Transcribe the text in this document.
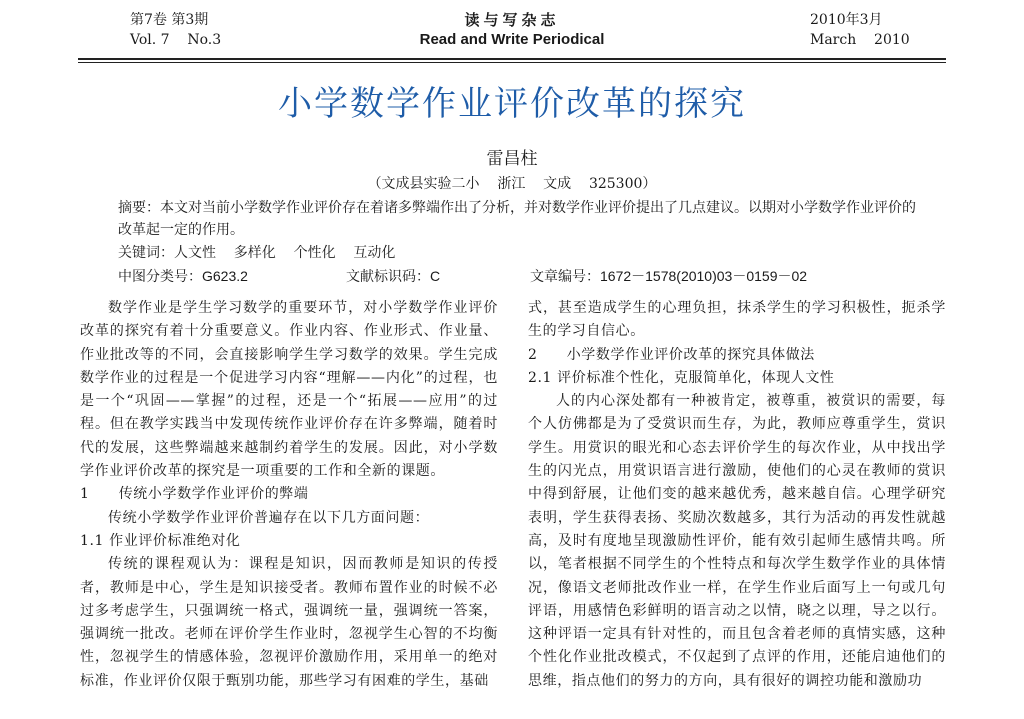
第7卷 第3期
Vol. 7    No.3
读与写杂志
Read and Write Periodical
2010年3月
March    2010
小学数学作业评价改革的探究
雷昌柱
（文成县实验二小    浙江    文成    325300）
摘要：本文对当前小学数学作业评价存在着诸多弊端作出了分析，并对数学作业评价提出了几点建议。以期对小学数学作业评价的改革起一定的作用。
关键词：人文性    多样化    个性化    互动化
中图分类号：G623.2	文献标识码：C	文章编号：1672－1578(2010)03－0159－02

数学作业是学生学习数学的重要环节，对小学数学作业评价改革的探究有着十分重要意义。作业内容、作业形式、作业量、作业批改等的不同，会直接影响学生学习数学的效果。学生完成数学作业的过程是一个促进学习内容“理解——内化”的过程，也是一个“巩固——掌握”的过程，还是一个“拓展——应用”的过程。但在教学实践当中发现传统作业评价存在许多弊端，随着时代的发展，这些弊端越来越制约着学生的发展。因此，对小学数学作业评价改革的探究是一项重要的工作和全新的课题。

1　　传统小学数学作业评价的弊端

传统小学数学作业评价普遍存在以下几方面问题：

1.1 作业评价标准绝对化

传统的课程观认为：课程是知识，因而教师是知识的传授者，教师是中心，学生是知识接受者。教师布置作业的时候不必过多考虑学生，只强调统一格式，强调统一量，强调统一答案，强调统一批改。老师在评价学生作业时，忽视学生心智的不均衡性，忽视学生的情感体验，忽视评价激励作用，采用单一的绝对标准，作业评价仅限于甄别功能，那些学习有困难的学生，基础

式，甚至造成学生的心理负担，抹杀学生的学习积极性，扼杀学生的学习自信心。

2　　小学数学作业评价改革的探究具体做法

2.1 评价标准个性化，克服简单化，体现人文性

人的内心深处都有一种被肯定，被尊重，被赏识的需要，每个人仿佛都是为了受赏识而生存，为此，教师应尊重学生，赏识学生。用赏识的眼光和心态去评价学生的每次作业，从中找出学生的闪光点，用赏识语言进行激励，使他们的心灵在教师的赏识中得到舒展，让他们变的越来越优秀，越来越自信。心理学研究表明，学生获得表扬、奖励次数越多，其行为活动的再发性就越高，及时有度地呈现激励性评价，能有效引起师生感情共鸣。所以，笔者根据不同学生的个性特点和每次学生数学作业的具体情况，像语文老师批改作业一样，在学生作业后面写上一句或几句评语，用感情色彩鲜明的语言动之以情，晓之以理，导之以行。这种评语一定具有针对性的，而且包含着老师的真情实感，这种个性化作业批改模式，不仅起到了点评的作用，还能启迪他们的思维，指点他们的努力的方向，具有很好的调控功能和激励功
